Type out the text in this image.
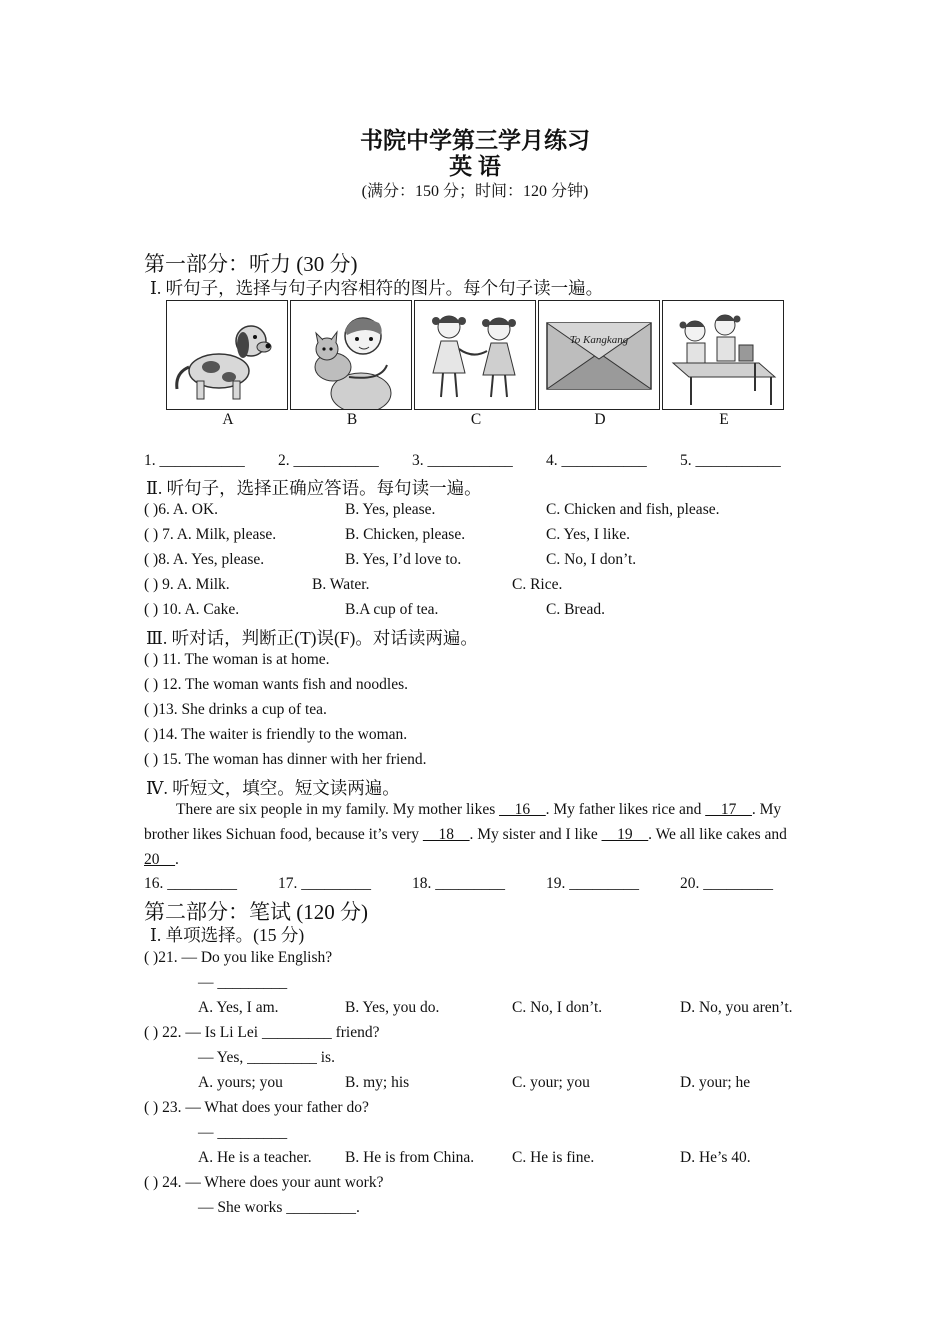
书院中学第三学月练习
英 语
(满分：150 分；时间：120 分钟)
第一部分：听力 (30 分)
Ⅰ. 听句子，选择与句子内容相符的图片。每个句子读一遍。
To Kangkang
A	B	C	D	E
1. ___________ 2. ___________ 3. ___________ 4. ___________ 5. ___________
Ⅱ. 听句子，选择正确应答语。每句读一遍。
( )6. A. OK.	B. Yes, please.	C. Chicken and fish, please.
( ) 7. A. Milk, please.	B. Chicken, please.	C. Yes, I like.
( )8. A. Yes, please.	B. Yes, I’d love to.	C. No, I don’t.
( ) 9. A. Milk.	B. Water.	C. Rice.
( ) 10. A. Cake.	B.A cup of tea.	C. Bread.
Ⅲ. 听对话，判断正(T)误(F)。对话读两遍。
( ) 11. The woman is at home.
( ) 12. The woman wants fish and noodles.
( )13. She drinks a cup of tea.
( )14. The waiter is friendly to the woman.
( ) 15. The woman has dinner with her friend.
Ⅳ. 听短文，填空。短文读两遍。
There are six people in my family. My mother likes __16__. My father likes rice and __17__. My
brother likes Sichuan food, because it’s very __18__. My sister and I like __19__. We all like cakes and
20__.
16. _________	17. _________	18. _________	19. _________	20. _________
第二部分：笔试 (120 分)
Ⅰ. 单项选择。(15 分)
( )21. — Do you like English?
— _________
A. Yes, I am.	B. Yes, you do.	C. No, I don’t.	D. No, you aren’t.
( ) 22. — Is Li Lei _________ friend?
— Yes, _________ is.
A. yours; you	B. my; his	C. your; you	D. your; he
( ) 23. — What does your father do?
— _________
A. He is a teacher. B. He is from China. C. He is fine.	D. He’s 40.
( ) 24. — Where does your aunt work?
— She works _________.
